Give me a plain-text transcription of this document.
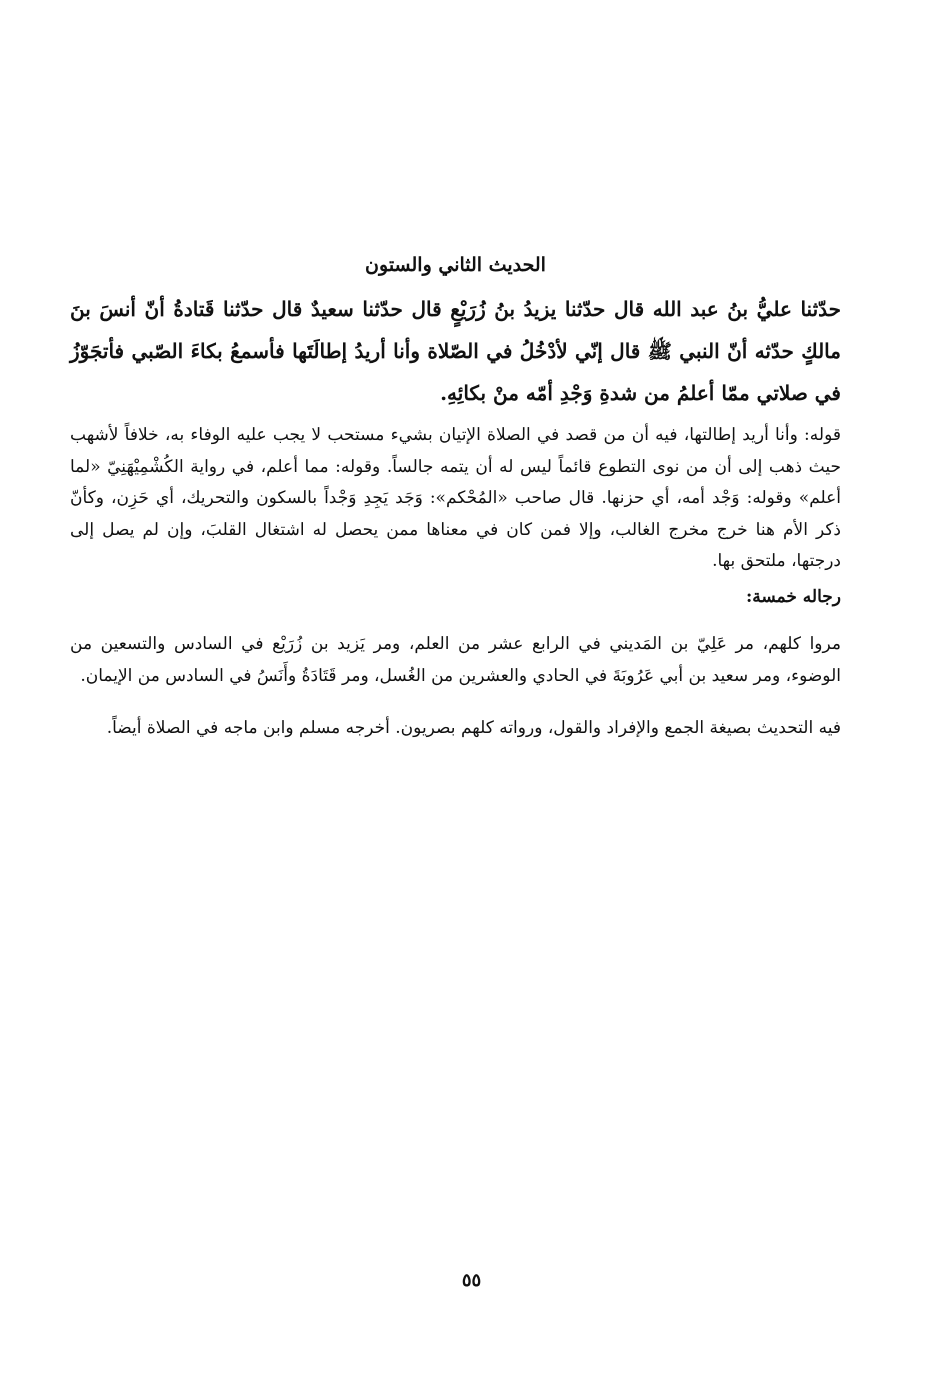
الحديث الثاني والستون

حدّثنا عليُّ بنُ عبد الله قال حدّثنا يزيدُ بنُ زُرَيْعٍ قال حدّثنا سعيدٌ قال حدّثنا قَتادةُ أنّ أنسَ بنَ مالكٍ حدّثه أنّ النبي ﷺ قال إنّي لأدْخُلُ في الصّلاة وأنا أريدُ إطالَتَها فأسمعُ بكاءَ الصّبي فأتجَوّزُ في صلاتي ممّا أعلمُ من شدةِ وَجْدِ أمّه منْ بكائِهِ.

قوله: وأنا أريد إطالتها، فيه أن من قصد في الصلاة الإتيان بشيء مستحب لا يجب عليه الوفاء به، خلافاً لأشهب حيث ذهب إلى أن من نوى التطوع قائماً ليس له أن يتمه جالساً. وقوله: مما أعلم، في رواية الكُشْمِيْهَنِيّ «لما أعلم» وقوله: وَجْد أمه، أي حزنها. قال صاحب «المُحْكم»: وَجَد يَجِدِ وَجْداً بالسكون والتحريك، أي حَزِن، وكأنّ ذكر الأم هنا خرج مخرج الغالب، وإلا فمن كان في معناها ممن يحصل له اشتغال القلبَ، وإن لم يصل إلى درجتها، ملتحق بها.

رجاله خمسة:

مروا كلهم، مر عَلِيّ بن المَديني في الرابع عشر من العلم، ومر يَزيد بن زُرَيْع في السادس والتسعين من الوضوء، ومر سعيد بن أبي عَرُوبَةَ في الحادي والعشرين من الغُسل، ومر قَتَادَةُ وأَنَسُ في السادس من الإيمان.

فيه التحديث بصيغة الجمع والإفراد والقول، ورواته كلهم بصريون. أخرجه مسلم وابن ماجه في الصلاة أيضاً.

٥٥
